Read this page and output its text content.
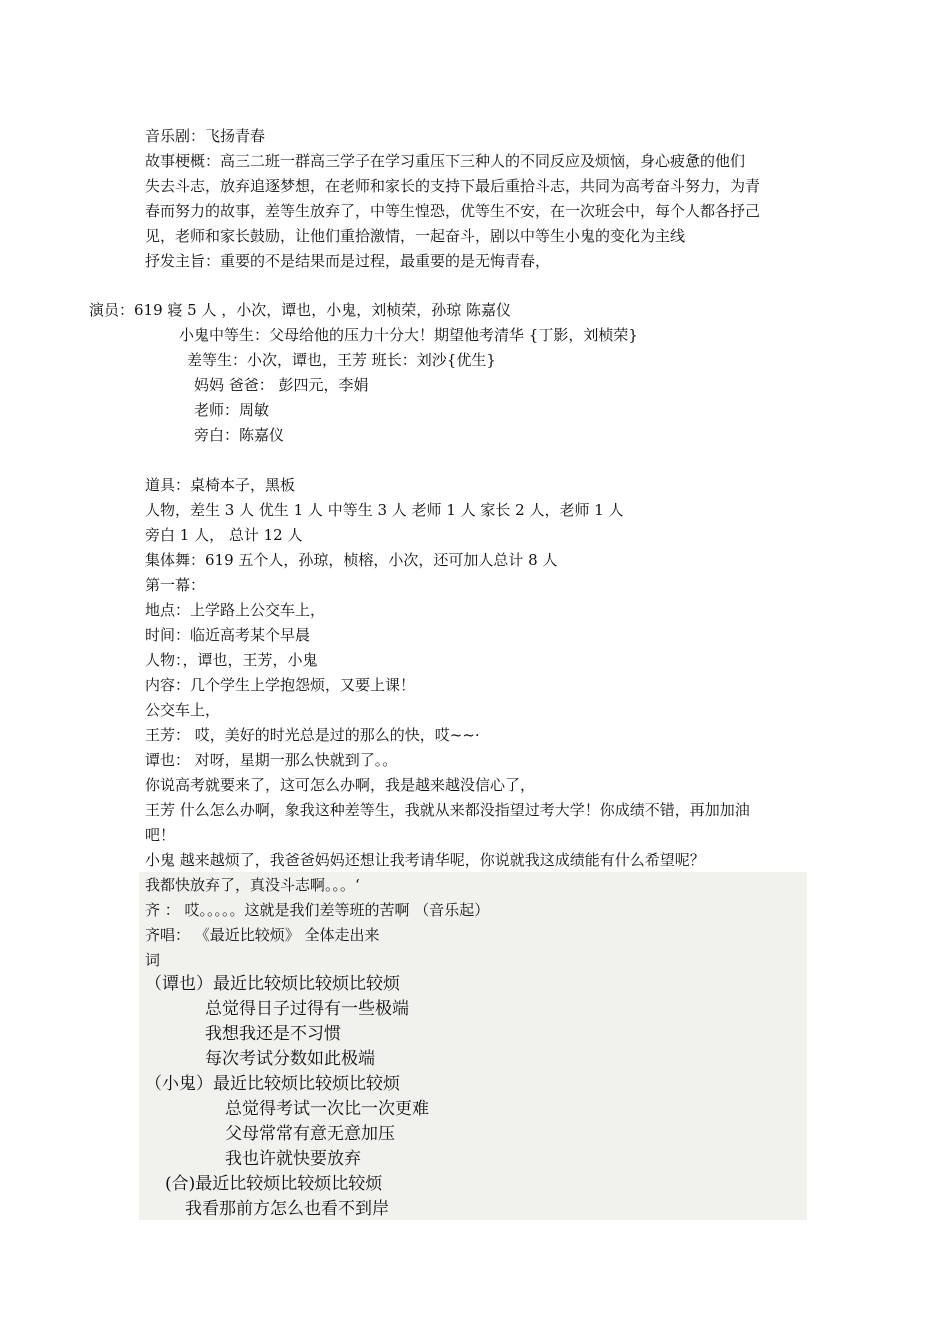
音乐剧：飞扬青春
故事梗概：高三二班一群高三学子在学习重压下三种人的不同反应及烦恼，身心疲惫的他们
失去斗志，放弃追逐梦想，在老师和家长的支持下最后重拾斗志，共同为高考奋斗努力，为青
春而努力的故事，差等生放弃了，中等生惶恐，优等生不安，在一次班会中，每个人都各抒己
见，老师和家长鼓励，让他们重拾激情，一起奋斗，剧以中等生小鬼的变化为主线
抒发主旨：重要的不是结果而是过程，最重要的是无悔青春，
演员：619 寝 5 人 ，小次，谭也，小鬼，刘桢荣，孙琼 陈嘉仪
小鬼中等生：父母给他的压力十分大！期望他考清华 {丁影，刘桢荣}
差等生：小次，谭也，王芳 班长：刘沙{优生}
妈妈 爸爸： 彭四元，李娟
老师：周敏
旁白：陈嘉仪
道具：桌椅本子，黑板
人物，差生 3 人 优生 1 人 中等生 3 人 老师 1 人 家长 2 人，老师 1 人
旁白 1 人， 总计 12 人
集体舞：619 五个人，孙琼，桢榕，小次，还可加人总计 8 人
第一幕：
地点：上学路上公交车上，
时间：临近高考某个早晨
人物：，谭也，王芳，小鬼
内容：几个学生上学抱怨烦，又要上课！
公交车上，
王芳： 哎，美好的时光总是过的那么的快，哎~~·
谭也： 对呀，星期一那么快就到了。。
你说高考就要来了，这可怎么办啊，我是越来越没信心了，
王芳 什么怎么办啊，象我这种差等生，我就从来都没指望过考大学！你成绩不错，再加加油
吧！
小鬼 越来越烦了，我爸爸妈妈还想让我考请华呢，你说就我这成绩能有什么希望呢？
我都快放弃了，真没斗志啊。。。‘
齐 ： 哎。。。。。这就是我们差等班的苦啊 （音乐起）
齐唱： 《最近比较烦》 全体走出来
词
（谭也）最近比较烦比较烦比较烦
总觉得日子过得有一些极端
我想我还是不习惯
每次考试分数如此极端
（小鬼）最近比较烦比较烦比较烦
总觉得考试一次比一次更难
父母常常有意无意加压
我也许就快要放弃
(合)最近比较烦比较烦比较烦
我看那前方怎么也看不到岸
